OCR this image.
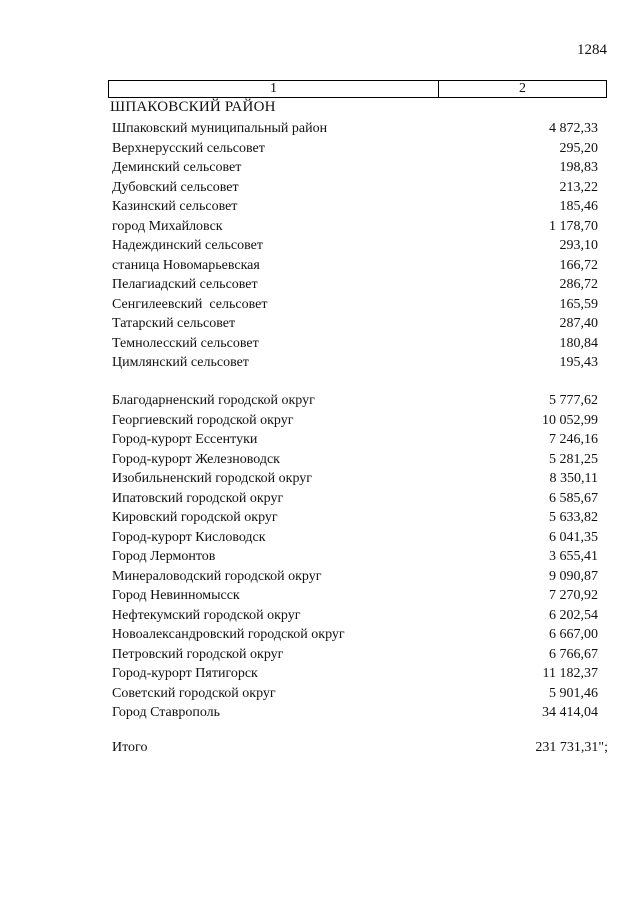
1284
1	2
ШПАКОВСКИЙ РАЙОН
Шпаковский муниципальный район	4 872,33
Верхнерусский сельсовет	295,20
Деминский сельсовет	198,83
Дубовский сельсовет	213,22
Казинский сельсовет	185,46
город Михайловск	1 178,70
Надеждинский сельсовет	293,10
станица Новомарьевская	166,72
Пелагиадский сельсовет	286,72
Сенгилеевский  сельсовет	165,59
Татарский сельсовет	287,40
Темнолесский сельсовет	180,84
Цимлянский сельсовет	195,43
Благодарненский городской округ	5 777,62
Георгиевский городской округ	10 052,99
Город-курорт Ессентуки	7 246,16
Город-курорт Железноводск	5 281,25
Изобильненский городской округ	8 350,11
Ипатовский городской округ	6 585,67
Кировский городской округ	5 633,82
Город-курорт Кисловодск	6 041,35
Город Лермонтов	3 655,41
Минераловодский городской округ	9 090,87
Город Невинномысск	7 270,92
Нефтекумский городской округ	6 202,54
Новоалександровский городской округ	6 667,00
Петровский городской округ	6 766,67
Город-курорт Пятигорск	11 182,37
Советский городской округ	5 901,46
Город Ставрополь	34 414,04
Итого	231 731,31";
